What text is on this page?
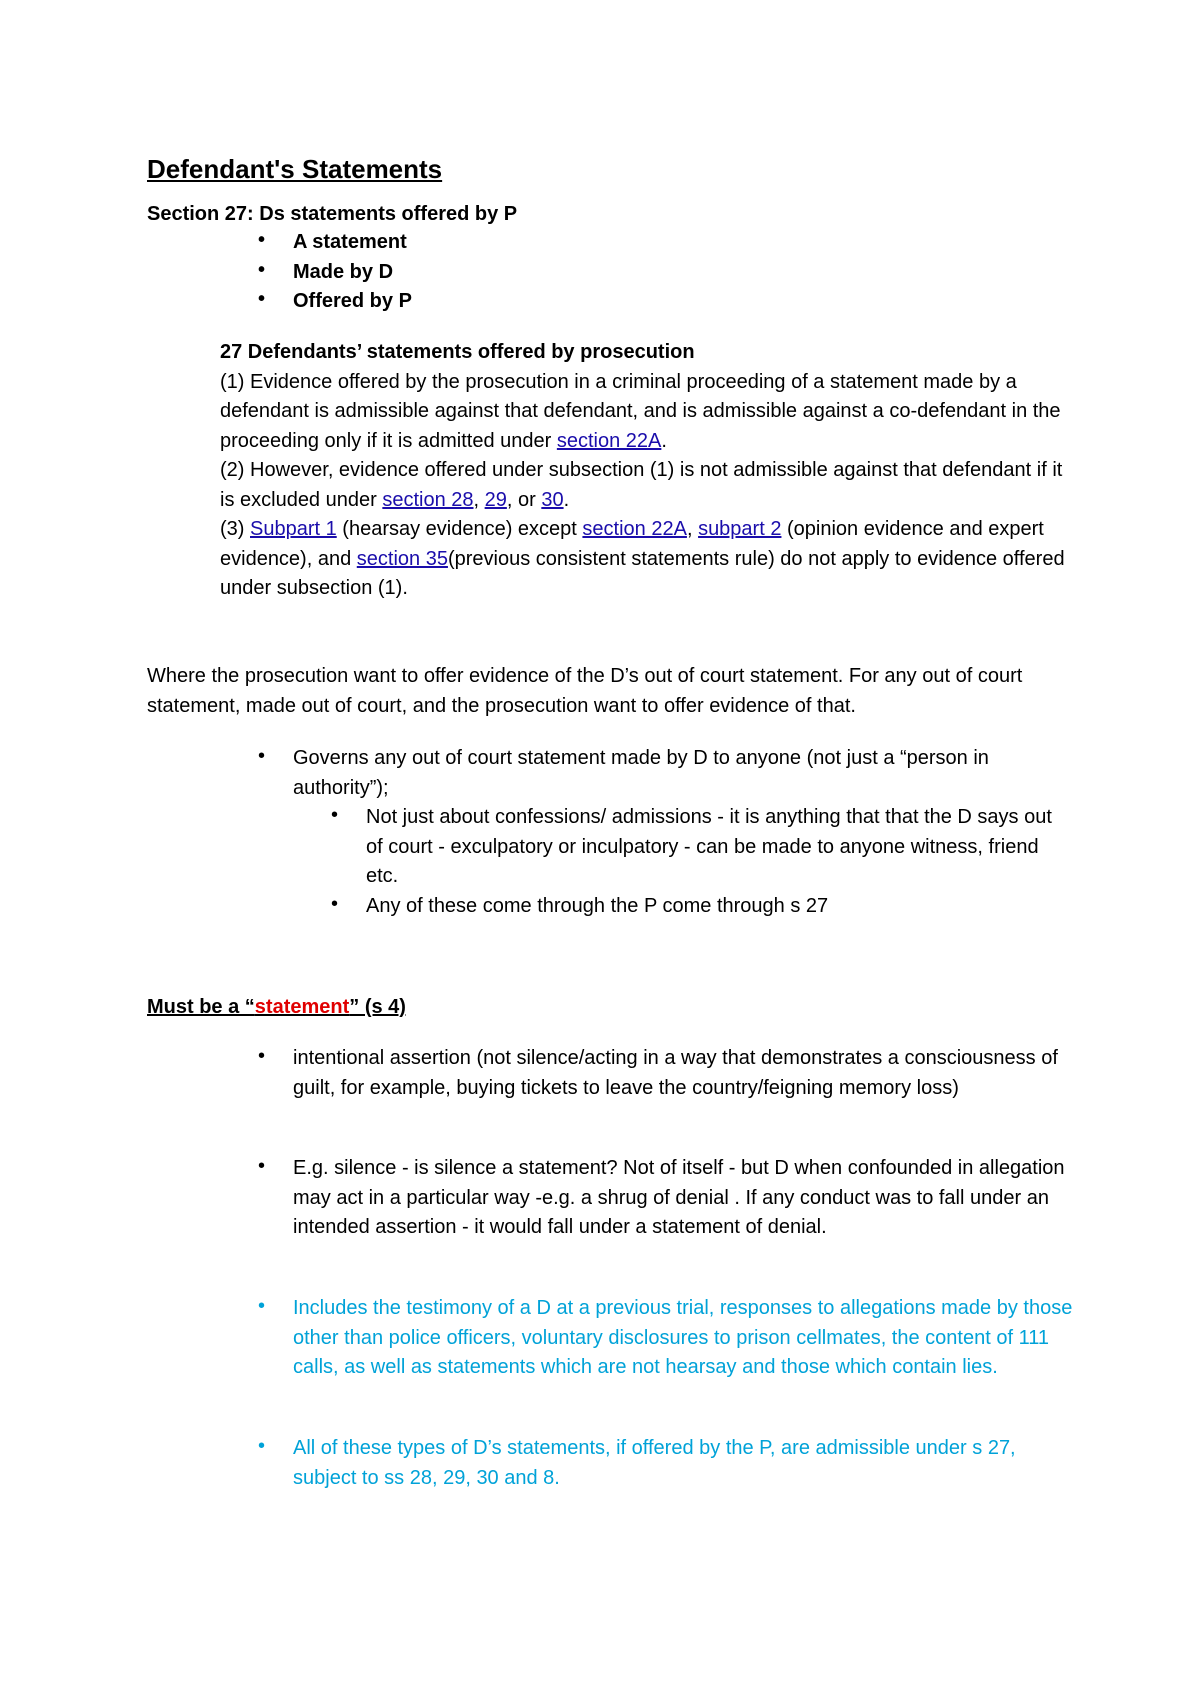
Defendant's Statements
Section 27: Ds statements offered by P
• A statement
• Made by D
• Offered by P
27 Defendants’ statements offered by prosecution
(1) Evidence offered by the prosecution in a criminal proceeding of a statement made by a defendant is admissible against that defendant, and is admissible against a co-defendant in the proceeding only if it is admitted under section 22A.
(2) However, evidence offered under subsection (1) is not admissible against that defendant if it is excluded under section 28, 29, or 30.
(3) Subpart 1 (hearsay evidence) except section 22A, subpart 2 (opinion evidence and expert evidence), and section 35(previous consistent statements rule) do not apply to evidence offered under subsection (1).
Where the prosecution want to offer evidence of the D’s out of court statement. For any out of court statement, made out of court, and the prosecution want to offer evidence of that.
• Governs any out of court statement made by D to anyone (not just a “person in authority”);
• Not just about confessions/ admissions - it is anything that that the D says out of court - exculpatory or inculpatory - can be made to anyone witness, friend etc.
• Any of these come through the P come through s 27
Must be a “statement” (s 4)
• intentional assertion (not silence/acting in a way that demonstrates a consciousness of guilt, for example, buying tickets to leave the country/feigning memory loss)
• E.g. silence - is silence a statement? Not of itself - but D when confounded in allegation may act in a particular way -e.g. a shrug of denial . If any conduct was to fall under an intended assertion - it would fall under a statement of denial.
• Includes the testimony of a D at a previous trial, responses to allegations made by those other than police officers, voluntary disclosures to prison cellmates, the content of 111 calls, as well as statements which are not hearsay and those which contain lies.
• All of these types of D’s statements, if offered by the P, are admissible under s 27, subject to ss 28, 29, 30 and 8.
